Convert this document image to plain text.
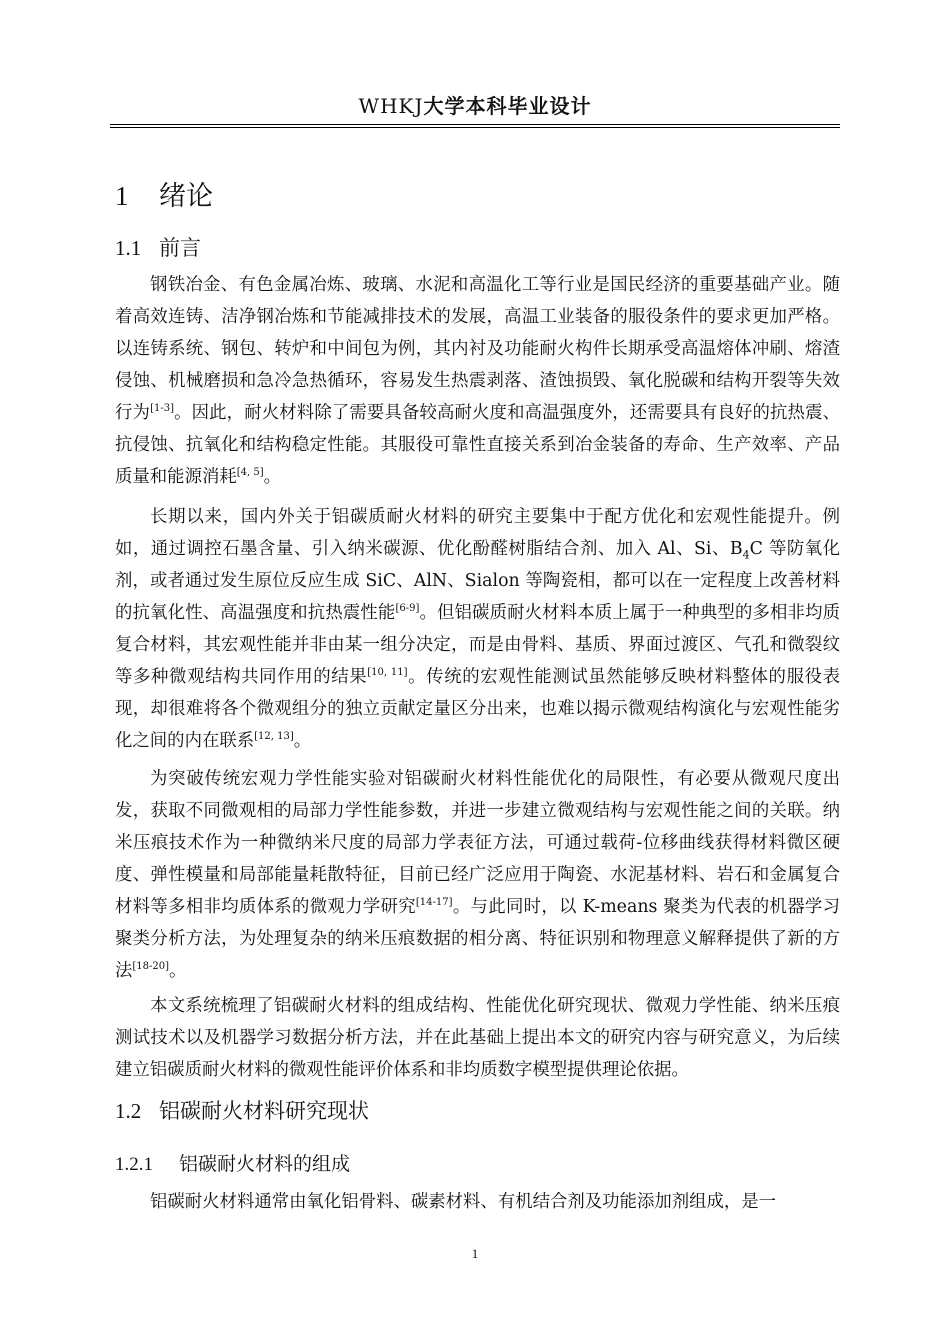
WHKJ大学本科毕业设计
1 绪论
1.1 前言
钢铁冶金、有色金属冶炼、玻璃、水泥和高温化工等行业是国民经济的重要基础产业。随着高效连铸、洁净钢冶炼和节能减排技术的发展，高温工业装备的服役条件的要求更加严格。以连铸系统、钢包、转炉和中间包为例，其内衬及功能耐火构件长期承受高温熔体冲刷、熔渣侵蚀、机械磨损和急冷急热循环，容易发生热震剥落、渣蚀损毁、氧化脱碳和结构开裂等失效行为[1-3]。因此，耐火材料除了需要具备较高耐火度和高温强度外，还需要具有良好的抗热震、抗侵蚀、抗氧化和结构稳定性能。其服役可靠性直接关系到冶金装备的寿命、生产效率、产品质量和能源消耗[4, 5]。
长期以来，国内外关于铝碳质耐火材料的研究主要集中于配方优化和宏观性能提升。例如，通过调控石墨含量、引入纳米碳源、优化酚醛树脂结合剂、加入 Al、Si、$B_4C$ 等防氧化剂，或者通过发生原位反应生成 SiC、AlN、Sialon 等陶瓷相，都可以在一定程度上改善材料的抗氧化性、高温强度和抗热震性能[6-9]。但铝碳质耐火材料本质上属于一种典型的多相非均质复合材料，其宏观性能并非由某一组分决定，而是由骨料、基质、界面过渡区、气孔和微裂纹等多种微观结构共同作用的结果[10, 11]。传统的宏观性能测试虽然能够反映材料整体的服役表现，却很难将各个微观组分的独立贡献定量区分出来，也难以揭示微观结构演化与宏观性能劣化之间的内在联系[12, 13]。
为突破传统宏观力学性能实验对铝碳耐火材料性能优化的局限性，有必要从微观尺度出发，获取不同微观相的局部力学性能参数，并进一步建立微观结构与宏观性能之间的关联。纳米压痕技术作为一种微纳米尺度的局部力学表征方法，可通过载荷-位移曲线获得材料微区硬度、弹性模量和局部能量耗散特征，目前已经广泛应用于陶瓷、水泥基材料、岩石和金属复合材料等多相非均质体系的微观力学研究[14-17]。与此同时，以 K-means 聚类为代表的机器学习聚类分析方法，为处理复杂的纳米压痕数据的相分离、特征识别和物理意义解释提供了新的方法[18-20]。
本文系统梳理了铝碳耐火材料的组成结构、性能优化研究现状、微观力学性能、纳米压痕测试技术以及机器学习数据分析方法，并在此基础上提出本文的研究内容与研究意义，为后续建立铝碳质耐火材料的微观性能评价体系和非均质数字模型提供理论依据。
1.2 铝碳耐火材料研究现状
1.2.1 铝碳耐火材料的组成
铝碳耐火材料通常由氧化铝骨料、碳素材料、有机结合剂及功能添加剂组成，是一
1
